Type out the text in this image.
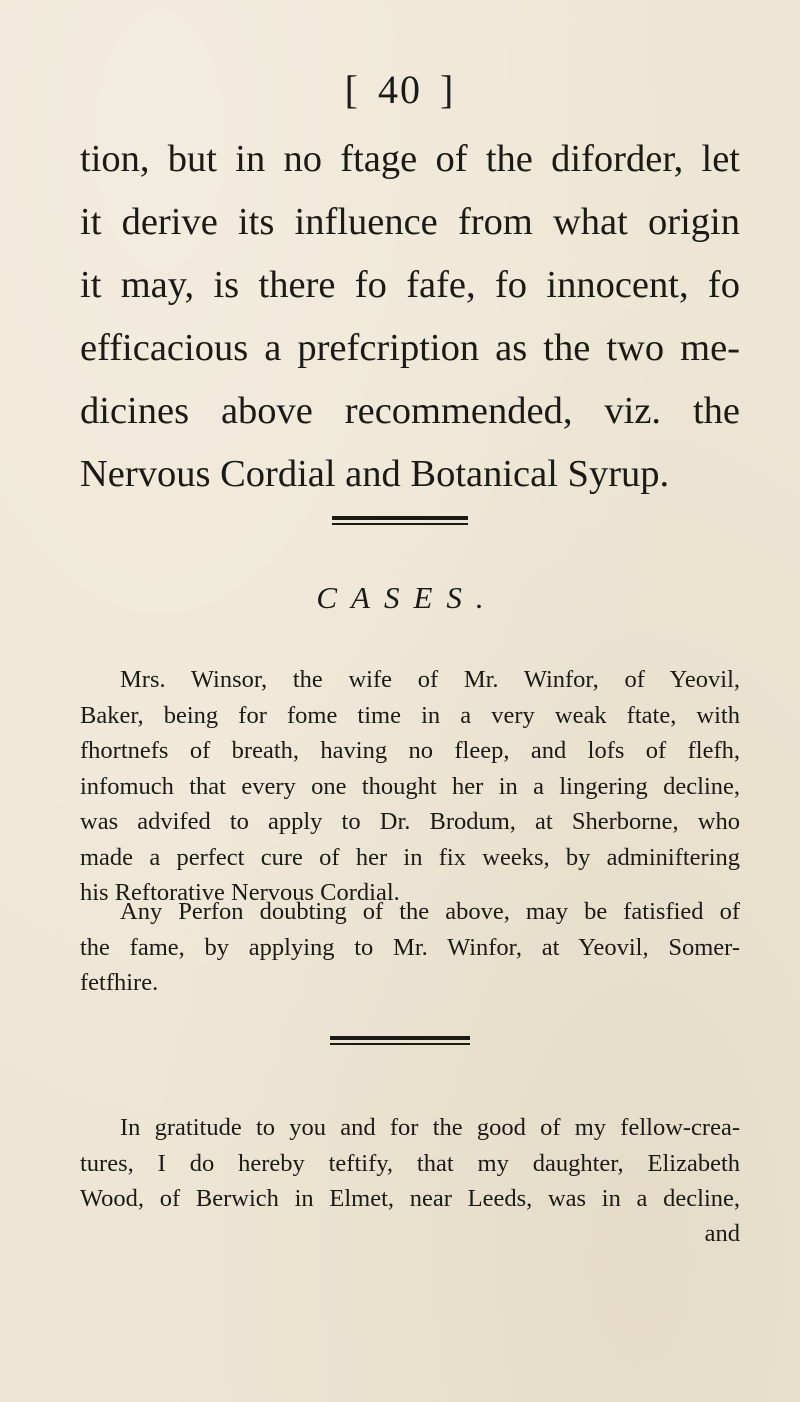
[ 40 ]
tion, but in no ftage of the diforder, let
it derive its influence from what origin
it may, is there fo fafe, fo innocent, fo
efficacious a prefcription as the two me-
dicines above recommended, viz. the
Nervous Cordial and Botanical Syrup.
CASES.
Mrs. Winsor, the wife of Mr. Winfor, of Yeovil,
Baker, being for fome time in a very weak ftate, with
fhortnefs of breath, having no fleep, and lofs of flefh,
infomuch that every one thought her in a lingering decline,
was advifed to apply to Dr. Brodum, at Sherborne, who
made a perfect cure of her in fix weeks, by adminiftering
his Reftorative Nervous Cordial.
Any Perfon doubting of the above, may be fatisfied of
the fame, by applying to Mr. Winfor, at Yeovil, Somer-
fetfhire.
In gratitude to you and for the good of my fellow-crea-
tures, I do hereby teftify, that my daughter, Elizabeth
Wood, of Berwich in Elmet, near Leeds, was in a decline,
and
